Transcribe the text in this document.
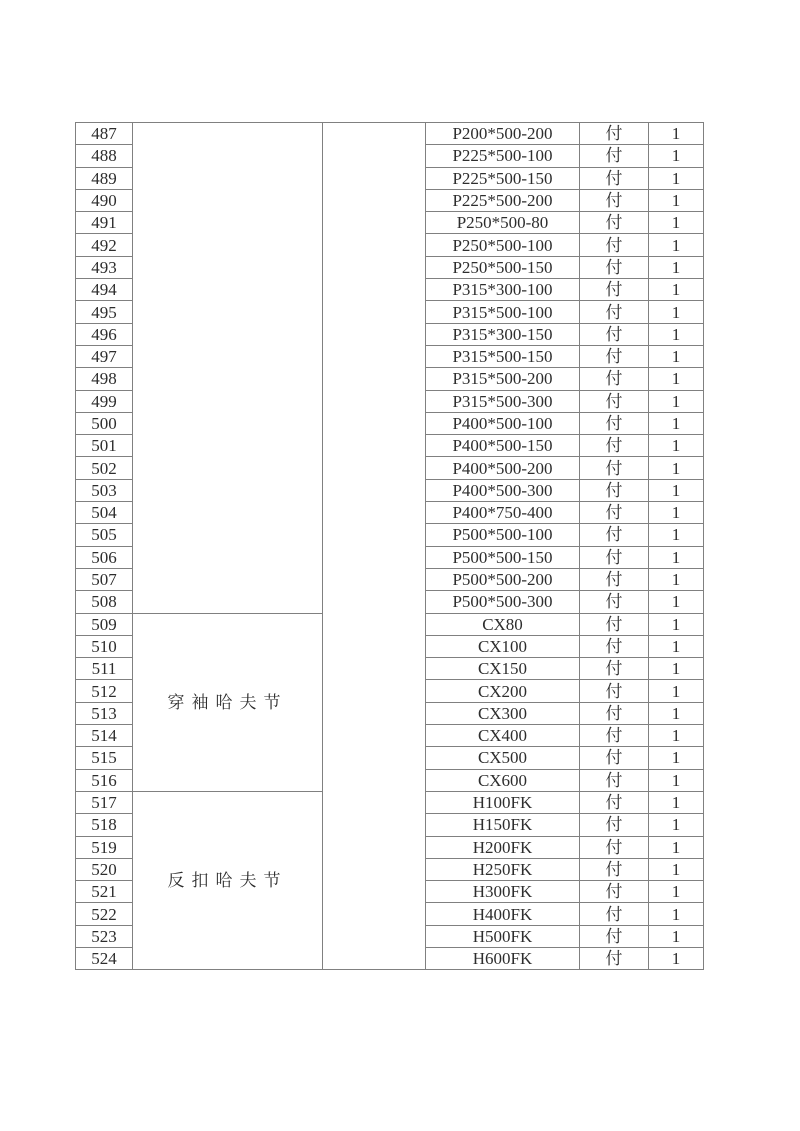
487			P200*500-200	付	1
488			P225*500-100	付	1
489			P225*500-150	付	1
490			P225*500-200	付	1
491			P250*500-80	付	1
492			P250*500-100	付	1
493			P250*500-150	付	1
494			P315*300-100	付	1
495			P315*500-100	付	1
496			P315*300-150	付	1
497			P315*500-150	付	1
498			P315*500-200	付	1
499			P315*500-300	付	1
500			P400*500-100	付	1
501			P400*500-150	付	1
502			P400*500-200	付	1
503			P400*500-300	付	1
504			P400*750-400	付	1
505			P500*500-100	付	1
506			P500*500-150	付	1
507			P500*500-200	付	1
508			P500*500-300	付	1
509	穿袖哈夫节		CX80	付	1
510			CX100	付	1
511			CX150	付	1
512			CX200	付	1
513			CX300	付	1
514			CX400	付	1
515			CX500	付	1
516			CX600	付	1
517	反扣哈夫节		H100FK	付	1
518			H150FK	付	1
519			H200FK	付	1
520			H250FK	付	1
521			H300FK	付	1
522			H400FK	付	1
523			H500FK	付	1
524			H600FK	付	1
